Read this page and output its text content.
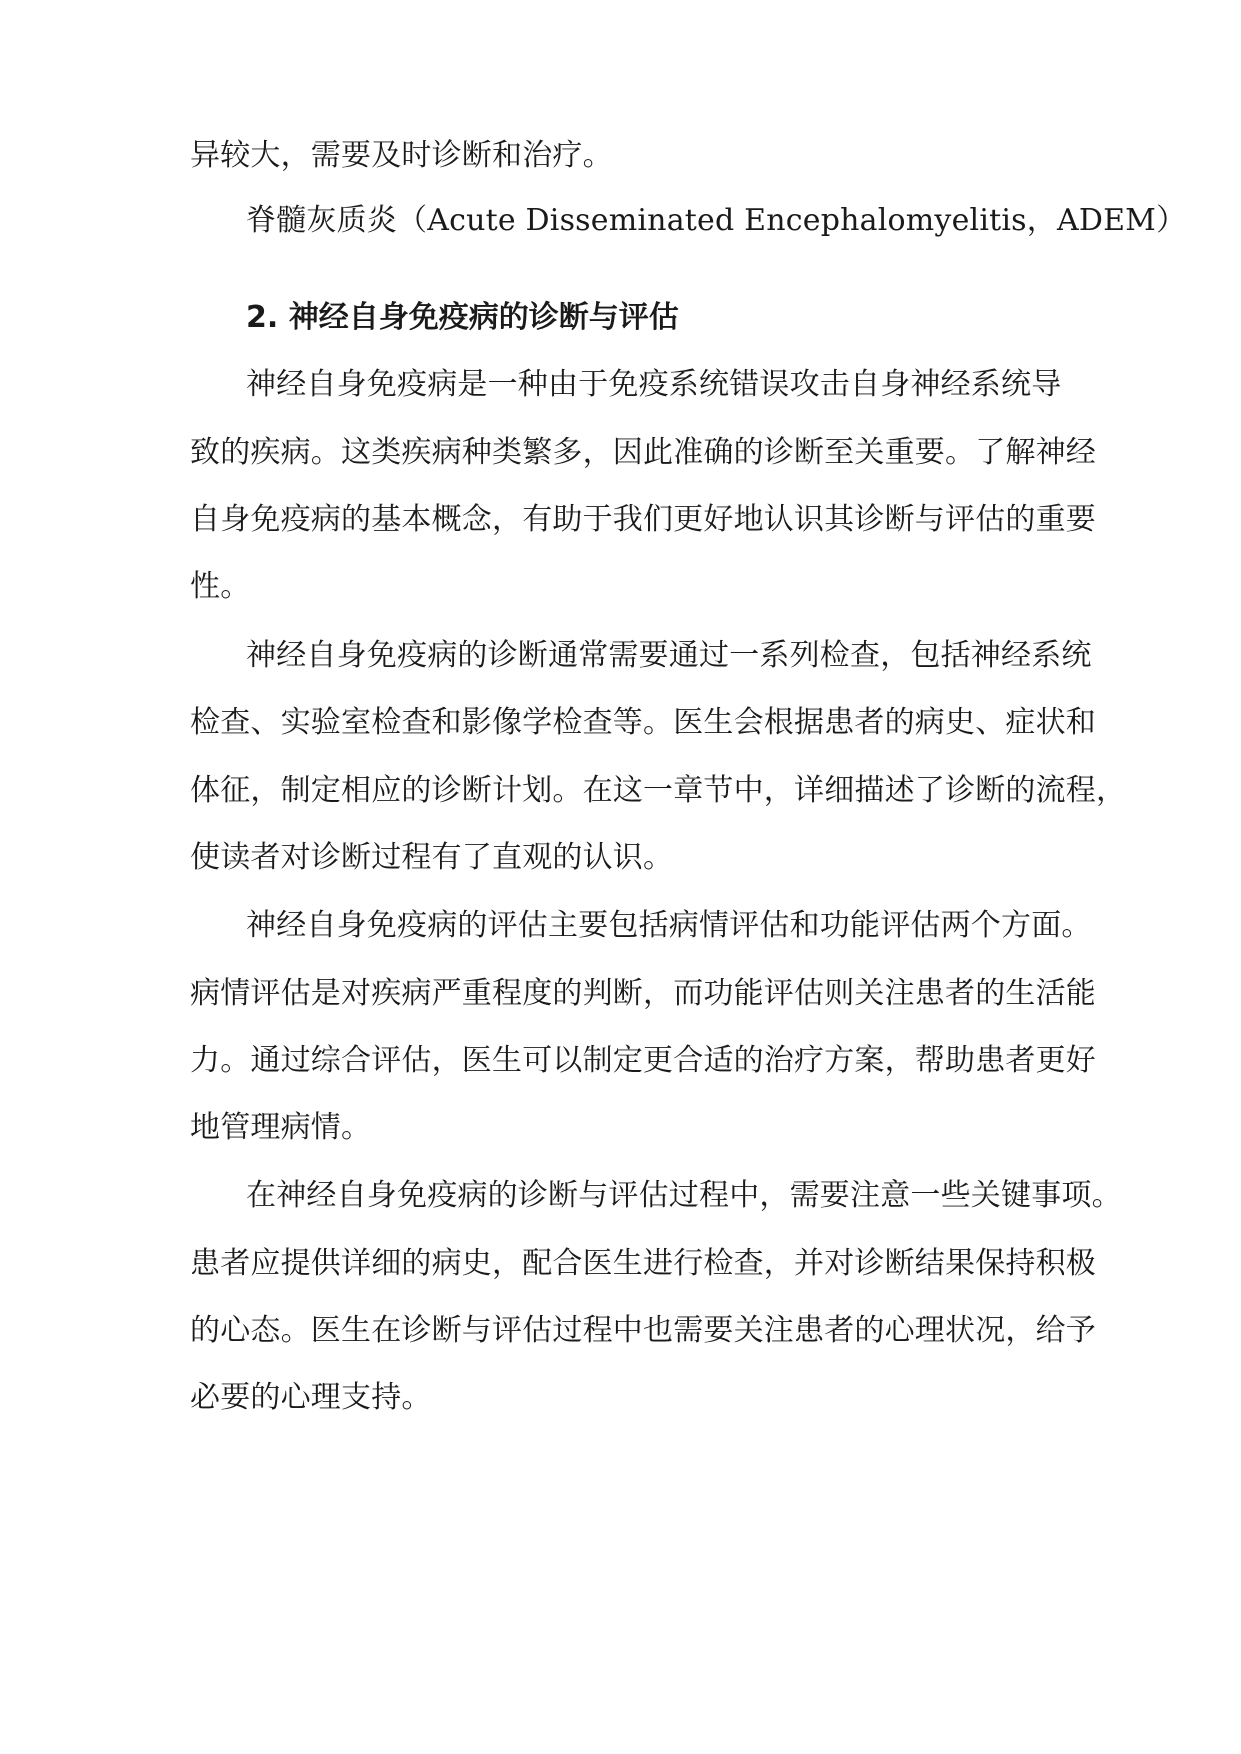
异较大，需要及时诊断和治疗。
脊髓灰质炎（Acute Disseminated Encephalomyelitis，ADEM）
2. 神经自身免疫病的诊断与评估
神经自身免疫病是一种由于免疫系统错误攻击自身神经系统导
致的疾病。这类疾病种类繁多，因此准确的诊断至关重要。了解神经
自身免疫病的基本概念，有助于我们更好地认识其诊断与评估的重要
性。
神经自身免疫病的诊断通常需要通过一系列检查，包括神经系统
检查、实验室检查和影像学检查等。医生会根据患者的病史、症状和
体征，制定相应的诊断计划。在这一章节中，详细描述了诊断的流程，
使读者对诊断过程有了直观的认识。
神经自身免疫病的评估主要包括病情评估和功能评估两个方面。
病情评估是对疾病严重程度的判断，而功能评估则关注患者的生活能
力。通过综合评估，医生可以制定更合适的治疗方案，帮助患者更好
地管理病情。
在神经自身免疫病的诊断与评估过程中，需要注意一些关键事项。
患者应提供详细的病史，配合医生进行检查，并对诊断结果保持积极
的心态。医生在诊断与评估过程中也需要关注患者的心理状况，给予
必要的心理支持。
